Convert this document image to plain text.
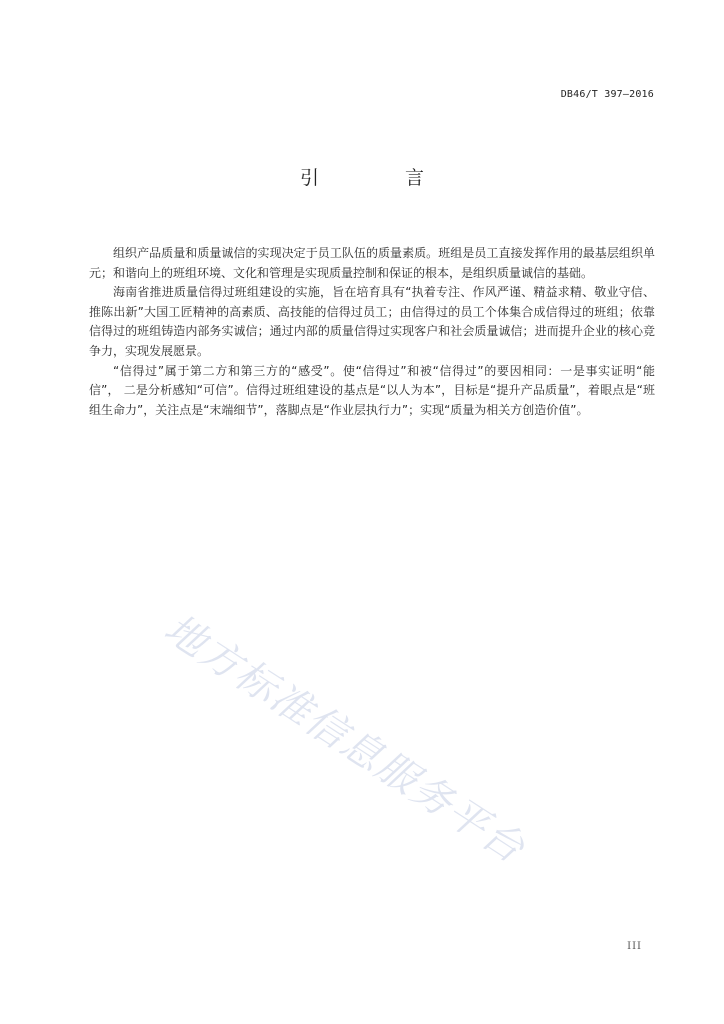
DB46/T 397—2016
引 言

组织产品质量和质量诚信的实现决定于员工队伍的质量素质。班组是员工直接发挥作用的最基层组织单元；和谐向上的班组环境、文化和管理是实现质量控制和保证的根本，是组织质量诚信的基础。

海南省推进质量信得过班组建设的实施，旨在培育具有“执着专注、作风严谨、精益求精、敬业守信、推陈出新”大国工匠精神的高素质、高技能的信得过员工；由信得过的员工个体集合成信得过的班组；依靠信得过的班组铸造内部务实诚信；通过内部的质量信得过实现客户和社会质量诚信；进而提升企业的核心竞争力，实现发展愿景。

“信得过”属于第二方和第三方的“感受”。使“信得过”和被“信得过”的要因相同：一是事实证明“能信”， 二是分析感知“可信”。信得过班组建设的基点是“以人为本”，目标是“提升产品质量”，着眼点是“班组生命力”，关注点是“末端细节”，落脚点是“作业层执行力”；实现“质量为相关方创造价值”。

地方标准信息服务平台
III
